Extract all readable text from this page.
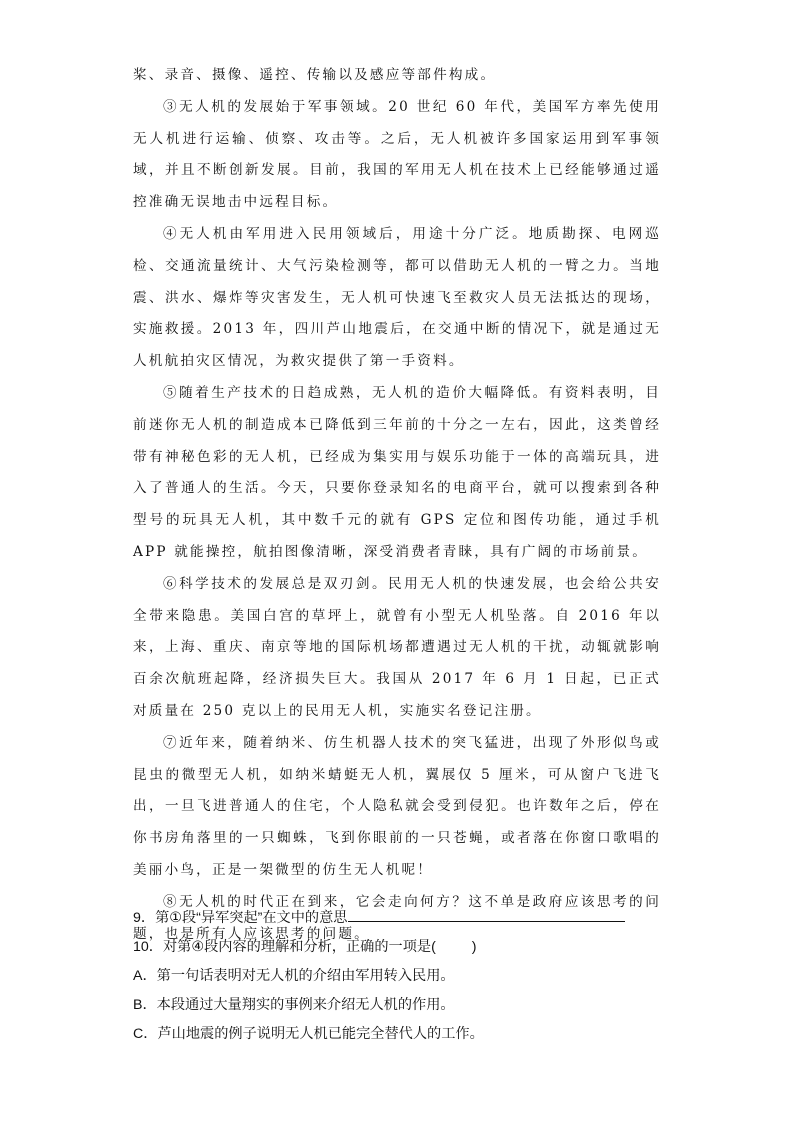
桨、录音、摄像、遥控、传输以及感应等部件构成。

③无人机的发展始于军事领域。20 世纪 60 年代，美国军方率先使用无人机进行运输、侦察、攻击等。之后，无人机被许多国家运用到军事领域，并且不断创新发展。目前，我国的军用无人机在技术上已经能够通过遥控准确无误地击中远程目标。

④无人机由军用进入民用领域后，用途十分广泛。地质勘探、电网巡检、交通流量统计、大气污染检测等，都可以借助无人机的一臂之力。当地震、洪水、爆炸等灾害发生，无人机可快速飞至救灾人员无法抵达的现场，实施救援。2013 年，四川芦山地震后，在交通中断的情况下，就是通过无人机航拍灾区情况，为救灾提供了第一手资料。

⑤随着生产技术的日趋成熟，无人机的造价大幅降低。有资料表明，目前迷你无人机的制造成本已降低到三年前的十分之一左右，因此，这类曾经带有神秘色彩的无人机，已经成为集实用与娱乐功能于一体的高端玩具，进入了普通人的生活。今天，只要你登录知名的电商平台，就可以搜索到各种型号的玩具无人机，其中数千元的就有 GPS 定位和图传功能，通过手机 APP 就能操控，航拍图像清晰，深受消费者青睐，具有广阔的市场前景。

⑥科学技术的发展总是双刃剑。民用无人机的快速发展，也会给公共安全带来隐患。美国白宫的草坪上，就曾有小型无人机坠落。自 2016 年以来，上海、重庆、南京等地的国际机场都遭遇过无人机的干扰，动辄就影响百余次航班起降，经济损失巨大。我国从 2017 年 6 月 1 日起，已正式对质量在 250 克以上的民用无人机，实施实名登记注册。

⑦近年来，随着纳米、仿生机器人技术的突飞猛进，出现了外形似鸟或昆虫的微型无人机，如纳米蜻蜓无人机，翼展仅 5 厘米，可从窗户飞进飞出，一旦飞进普通人的住宅，个人隐私就会受到侵犯。也许数年之后，停在你书房角落里的一只蜘蛛，飞到你眼前的一只苍蝇，或者落在你窗口歌唱的美丽小鸟，正是一架微型的仿生无人机呢！

⑧无人机的时代正在到来，它会走向何方？这不单是政府应该思考的问题，也是所有人应该思考的问题。

9．第①段“异军突起”在文中的意思
10．对第④段内容的理解和分析，正确的一项是(	)
A．第一句话表明对无人机的介绍由军用转入民用。
B．本段通过大量翔实的事例来介绍无人机的作用。
C．芦山地震的例子说明无人机已能完全替代人的工作。
